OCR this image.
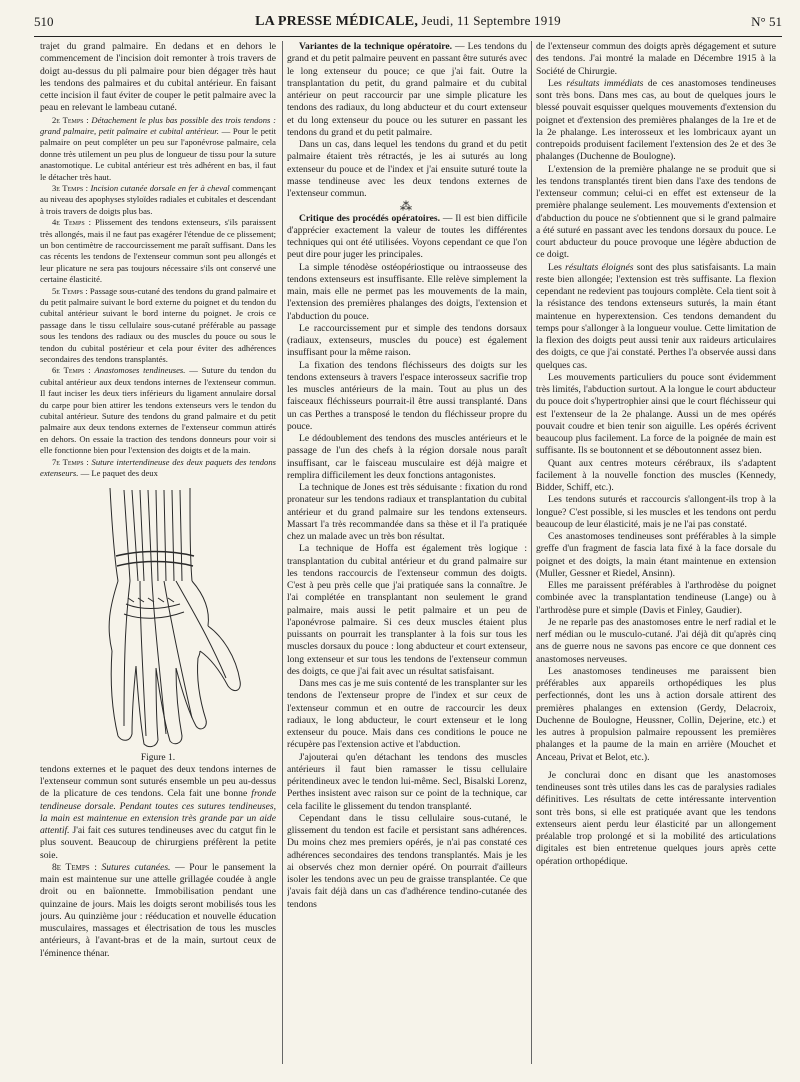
510	LA PRESSE MÉDICALE, Jeudi, 11 Septembre 1919	N° 51

trajet du grand palmaire. En dedans et en dehors le commencement de l'incision doit remonter à trois travers de doigt au-dessus du pli palmaire pour bien dégager très haut les tendons des palmaires et du cubital antérieur. En faisant cette incision il faut éviter de couper le petit palmaire avec la peau en relevant le lambeau cutané.

2e Temps : Détachement le plus bas possible des trois tendons : grand palmaire, petit palmaire et cubital antérieur. — Pour le petit palmaire on peut compléter un peu sur l'aponévrose palmaire, cela donne très utilement un peu plus de longueur de tissu pour la suture anastomotique. Le cubital antérieur est très adhérent en bas, il faut le détacher très haut.

3e Temps : Incision cutanée dorsale en fer à cheval commençant au niveau des apophyses styloïdes radiales et cubitales et descendant à trois travers de doigts plus bas.

4e Temps : Plissement des tendons extenseurs, s'ils paraissent très allongés, mais il ne faut pas exagérer l'étendue de ce plissement; un bon centimètre de raccourcissement me paraît suffisant. Dans les cas récents les tendons de l'extenseur commun sont peu allongés et leur plicature ne sera pas toujours nécessaire s'ils ont conservé une certaine élasticité.

5e Temps : Passage sous-cutané des tendons du grand palmaire et du petit palmaire suivant le bord externe du poignet et du tendon du cubital antérieur suivant le bord interne du poignet. Je crois ce passage dans le tissu cellulaire sous-cutané préférable au passage sous les tendons des radiaux ou des muscles du pouce ou sous le tendon du cubital postérieur et cela pour éviter des adhérences secondaires des tendons transplantés.

6e Temps : Anastomoses tendineuses. — Suture du tendon du cubital antérieur aux deux tendons internes de l'extenseur commun. Il faut inciser les deux tiers inférieurs du ligament annulaire dorsal du carpe pour bien attirer les tendons extenseurs vers le tendon du cubital antérieur. Suture des tendons du grand palmaire et du petit palmaire aux deux tendons externes de l'extenseur commun attirés en dehors. On essaie la traction des tendons donneurs pour voir si elle fonctionne bien pour l'extension des doigts et de la main.

7e Temps : Suture intertendineuse des deux paquets des tendons extenseurs. — Le paquet des deux

Figure 1.

tendons externes et le paquet des deux tendons internes de l'extenseur commun sont suturés ensemble un peu au-dessus de la plicature de ces tendons. Cela fait une bonne fronde tendineuse dorsale. Pendant toutes ces sutures tendineuses, la main est maintenue en extension très grande par un aide attentif. J'ai fait ces sutures tendineuses avec du catgut fin le plus souvent. Beaucoup de chirurgiens préfèrent la petite soie.

8e Temps : Sutures cutanées. — Pour le pansement la main est maintenue sur une attelle grillagée coudée à angle droit ou en baïonnette. Immobilisation pendant une quinzaine de jours. Mais les doigts seront mobilisés tous les jours. Au quinzième jour : rééducation et nouvelle éducation musculaires, massages et électrisation de tous les muscles antérieurs, à l'avant-bras et de la main, surtout ceux de l'éminence thénar.

Variantes de la technique opératoire. — Les tendons du grand et du petit palmaire peuvent en passant être suturés avec le long extenseur du pouce; ce que j'ai fait. Outre la transplantation du petit, du grand palmaire et du cubital antérieur on peut raccourcir par une simple plicature les tendons des radiaux, du long abducteur et du court extenseur et du long extenseur du pouce ou les suturer en passant les tendons du grand et du petit palmaire.

Dans un cas, dans lequel les tendons du grand et du petit palmaire étaient très rétractés, je les ai suturés au long extenseur du pouce et de l'index et j'ai ensuite suturé toute la masse tendineuse avec les deux tendons externes de l'extenseur commun.

⁂

Critique des procédés opératoires. — Il est bien difficile d'apprécier exactement la valeur de toutes les différentes techniques qui ont été utilisées. Voyons cependant ce que l'on peut dire pour juger les principales.

La simple ténodèse ostéopériostique ou intraosseuse des tendons extenseurs est insuffisante. Elle relève simplement la main, mais elle ne permet pas les mouvements de la main, l'extension des premières phalanges des doigts, l'extension et l'abduction du pouce.

Le raccourcissement pur et simple des tendons dorsaux (radiaux, extenseurs, muscles du pouce) est également insuffisant pour la même raison.

La fixation des tendons fléchisseurs des doigts sur les tendons extenseurs à travers l'espace interosseux sacrifie trop les muscles antérieurs de la main. Tout au plus un des faisceaux fléchisseurs pourrait-il être aussi transplanté. Dans un cas Perthes a transposé le tendon du fléchisseur propre du pouce.

Le dédoublement des tendons des muscles antérieurs et le passage de l'un des chefs à la région dorsale nous paraît insuffisant, car le faisceau musculaire est déjà maigre et remplira difficilement les deux fonctions antagonistes.

La technique de Jones est très séduisante : fixation du rond pronateur sur les tendons radiaux et transplantation du cubital antérieur et du grand palmaire sur les tendons extenseurs. Massart l'a très recommandée dans sa thèse et il l'a pratiquée chez un malade avec un très bon résultat.

La technique de Hoffa est également très logique : transplantation du cubital antérieur et du grand palmaire sur les tendons raccourcis de l'extenseur commun des doigts. C'est à peu près celle que j'ai pratiquée sans la connaître. Je l'ai complétée en transplantant non seulement le grand palmaire, mais aussi le petit palmaire et un peu de l'aponévrose palmaire. Si ces deux muscles étaient plus puissants on pourrait les transplanter à la fois sur tous les muscles dorsaux du pouce : long abducteur et court extenseur, long extenseur et sur tous les tendons de l'extenseur commun des doigts, ce que j'ai fait avec un résultat satisfaisant.

Dans mes cas je me suis contenté de les transplanter sur les tendons de l'extenseur propre de l'index et sur ceux de l'extenseur commun et en outre de raccourcir les deux radiaux, le long abducteur, le court extenseur et le long extenseur du pouce. Mais dans ces conditions le pouce ne récupère pas l'extension active et l'abduction.

J'ajouterai qu'en détachant les tendons des muscles antérieurs il faut bien ramasser le tissu cellulaire péritendineux avec le tendon lui-même. Secl, Bisalski Lorenz, Perthes insistent avec raison sur ce point de la technique, car cela facilite le glissement du tendon transplanté.

Cependant dans le tissu cellulaire sous-cutané, le glissement du tendon est facile et persistant sans adhérences. Du moins chez mes premiers opérés, je n'ai pas constaté ces adhérences secondaires des tendons transplantés. Mais je les ai observés chez mon dernier opéré. On pourrait d'ailleurs isoler les tendons avec un peu de graisse transplantée. Ce que j'avais fait déjà dans un cas d'adhérence tendino-cutanée des tendons

de l'extenseur commun des doigts après dégagement et suture des tendons. J'ai montré la malade en Décembre 1915 à la Société de Chirurgie.

Les résultats immédiats de ces anastomoses tendineuses sont très bons. Dans mes cas, au bout de quelques jours le blessé pouvait esquisser quelques mouvements d'extension du poignet et d'extension des premières phalanges de la 1re et de la 2e phalange. Les interosseux et les lombricaux ayant un contrepoids produisent facilement l'extension des 2e et des 3e phalanges (Duchenne de Boulogne).

L'extension de la première phalange ne se produit que si les tendons transplantés tirent bien dans l'axe des tendons de l'extenseur commun; celui-ci en effet est extenseur de la première phalange seulement. Les mouvements d'extension et d'abduction du pouce ne s'obtiennent que si le grand palmaire a été suturé en passant avec les tendons dorsaux du pouce. Le court abducteur du pouce provoque une légère abduction de ce doigt.

Les résultats éloignés sont des plus satisfaisants. La main reste bien allongée; l'extension est très suffisante. La flexion cependant ne redevient pas toujours complète. Cela tient soit à la résistance des tendons extenseurs suturés, la main étant maintenue en hyperextension. Ces tendons demandent du temps pour s'allonger à la longueur voulue. Cette limitation de la flexion des doigts peut aussi tenir aux raideurs articulaires des doigts, ce que j'ai constaté. Perthes l'a observée aussi dans quelques cas.

Les mouvements particuliers du pouce sont évidemment très limités, l'abduction surtout. A la longue le court abducteur du pouce doit s'hypertrophier ainsi que le court fléchisseur qui est l'extenseur de la 2e phalange. Aussi un de mes opérés pouvait coudre et bien tenir son aiguille. Les opérés écrivent beaucoup plus facilement. La force de la poignée de main est suffisante. Ils se boutonnent et se déboutonnent assez bien.

Quant aux centres moteurs cérébraux, ils s'adaptent facilement à la nouvelle fonction des muscles (Kennedy, Bidder, Schiff, etc.).

Les tendons suturés et raccourcis s'allongent-ils trop à la longue? C'est possible, si les muscles et les tendons ont perdu beaucoup de leur élasticité, mais je ne l'ai pas constaté.

Ces anastomoses tendineuses sont préférables à la simple greffe d'un fragment de fascia lata fixé à la face dorsale du poignet et des doigts, la main étant maintenue en extension (Muller, Gessner et Riedel, Ansinn).

Elles me paraissent préférables à l'arthrodèse du poignet combinée avec la transplantation tendineuse (Lange) ou à l'arthrodèse pure et simple (Davis et Finley, Gaudier).

Je ne reparle pas des anastomoses entre le nerf radial et le nerf médian ou le musculo-cutané. J'ai déjà dit qu'après cinq ans de guerre nous ne savons pas encore ce que donnent ces anastomoses nerveuses.

Les anastomoses tendineuses me paraissent bien préférables aux appareils orthopédiques les plus perfectionnés, dont les uns à action dorsale attirent des premières phalanges en extension (Gerdy, Delacroix, Duchenne de Boulogne, Heussner, Collin, Dejerine, etc.) et les autres à propulsion palmaire repoussent les premières phalanges et la paume de la main en arrière (Mouchet et Anceau, Privat et Belot, etc.).

Je conclurai donc en disant que les anastomoses tendineuses sont très utiles dans les cas de paralysies radiales définitives. Les résultats de cette intéressante intervention sont très bons, si elle est pratiquée avant que les tendons extenseurs aient perdu leur élasticité par un allongement préalable trop prolongé et si la mobilité des articulations digitales est bien entretenue quelques jours après cette opération orthopédique.
